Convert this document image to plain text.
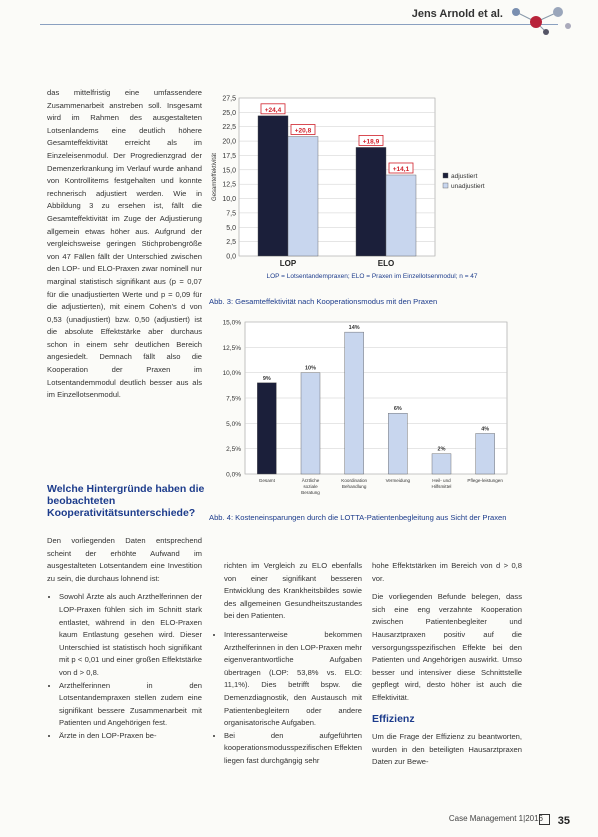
Jens Arnold et al.

das mittelfristig eine umfassendere Zusammenarbeit anstreben soll. Insgesamt wird im Rahmen des ausgestalteten Lotsenlandems eine deutlich höhere Gesamteffektivität erreicht als im Einzeleisenmodul. Der Progredienzgrad der Demenzerkrankung im Verlauf wurde anhand von Kontrollitems festgehalten und konnte rechnerisch adjustiert werden. Wie in Abbildung 3 zu ersehen ist, fällt die Gesamteffektivität im Zuge der Adjustierung allgemein etwas höher aus. Aufgrund der vergleichsweise geringen Stichprobengröße von 47 Fällen fällt der Unterschied zwischen den LOP- und ELO-Praxen zwar nominell nur marginal statistisch signifikant aus (p = 0,07 für die unadjustierten Werte und p = 0,09 für die adjustierten), mit einem Cohen's d von 0,53 (unadjustiert) bzw. 0,50 (adjustiert) ist die absolute Effektstärke aber durchaus schon in einem sehr deutlichen Bereich angesiedelt. Demnach fällt also die Kooperation der Praxen im Lotsentandemmodul deutlich besser aus als im Einzellotsenmodul.

Welche Hintergründe haben die beobachteten Kooperativitätsunterschiede?
0,0
2,5
5,0
7,5
10,0
12,5
15,0
17,5
20,0
22,5
25,0
27,5
Gesamteffektivität
LOP
+24,4
+20,8
ELO
+18,9
+14,1
adjustiert
unadjustiert
LOP = Lotsentandempraxen; ELO = Praxen im Einzellotsenmodul; n = 47
Abb. 3: Gesamteffektivität nach Kooperationsmodus mit den Praxen
0,0%
2,5%
5,0%
7,5%
10,0%
12,5%
15,0%
9%
Gesamt
10%
Ärztliche soziale Beratung
14%
Koordination Behandlung
6%
Vermeidung
2%
Heil- und Hilfsmittel
4%
Pflege-leistungen
Abb. 4: Kosteneinsparungen durch die LOTTA-Patientenbegleitung aus Sicht der Praxen

Den vorliegenden Daten entsprechend scheint der erhöhte Aufwand im ausgestalteten Lotsentandem eine Investition zu sein, die durchaus lohnend ist:

• Sowohl Ärzte als auch Arzthelferinnen der LOP-Praxen fühlen sich im Schnitt stark entlastet, während in den ELO-Praxen kaum Entlastung gesehen wird. Dieser Unterschied ist statistisch hoch signifikant mit p < 0,01 und einer großen Effektstärke von d > 0,8.
• Arzthelferinnen in den Lotsentandempraxen stellen zudem eine signifikant bessere Zusammenarbeit mit Patienten und Angehörigen fest.
• Ärzte in den LOP-Praxen be-

richten im Vergleich zu ELO ebenfalls von einer signifikant besseren Entwicklung des Krankheitsbildes sowie des allgemeinen Gesundheitszustandes bei den Patienten.

• Interessanterweise bekommen Arzthelferinnen in den LOP-Praxen mehr eigenverantwortliche Aufgaben übertragen (LOP: 53,8% vs. ELO: 11,1%). Dies betrifft bspw. die Demenzdiagnostik, den Austausch mit Patientenbegleitern oder andere organisatorische Aufgaben.
• Bei den aufgeführten kooperationsmodusspezifischen Effekten liegen fast durchgängig sehr

hohe Effektstärken im Bereich von d > 0,8 vor.

Die vorliegenden Befunde belegen, dass sich eine eng verzahnte Kooperation zwischen Patientenbegleiter und Hausarztpraxen positiv auf die versorgungsspezifischen Effekte bei den Patienten und Angehörigen auswirkt. Umso besser und intensiver diese Schnittstelle gepflegt wird, desto höher ist auch die Effektivität.

Effizienz

Um die Frage der Effizienz zu beantworten, wurden in den beteiligten Hausarztpraxen Daten zur Bewe-

Case Management 1|2016 35
